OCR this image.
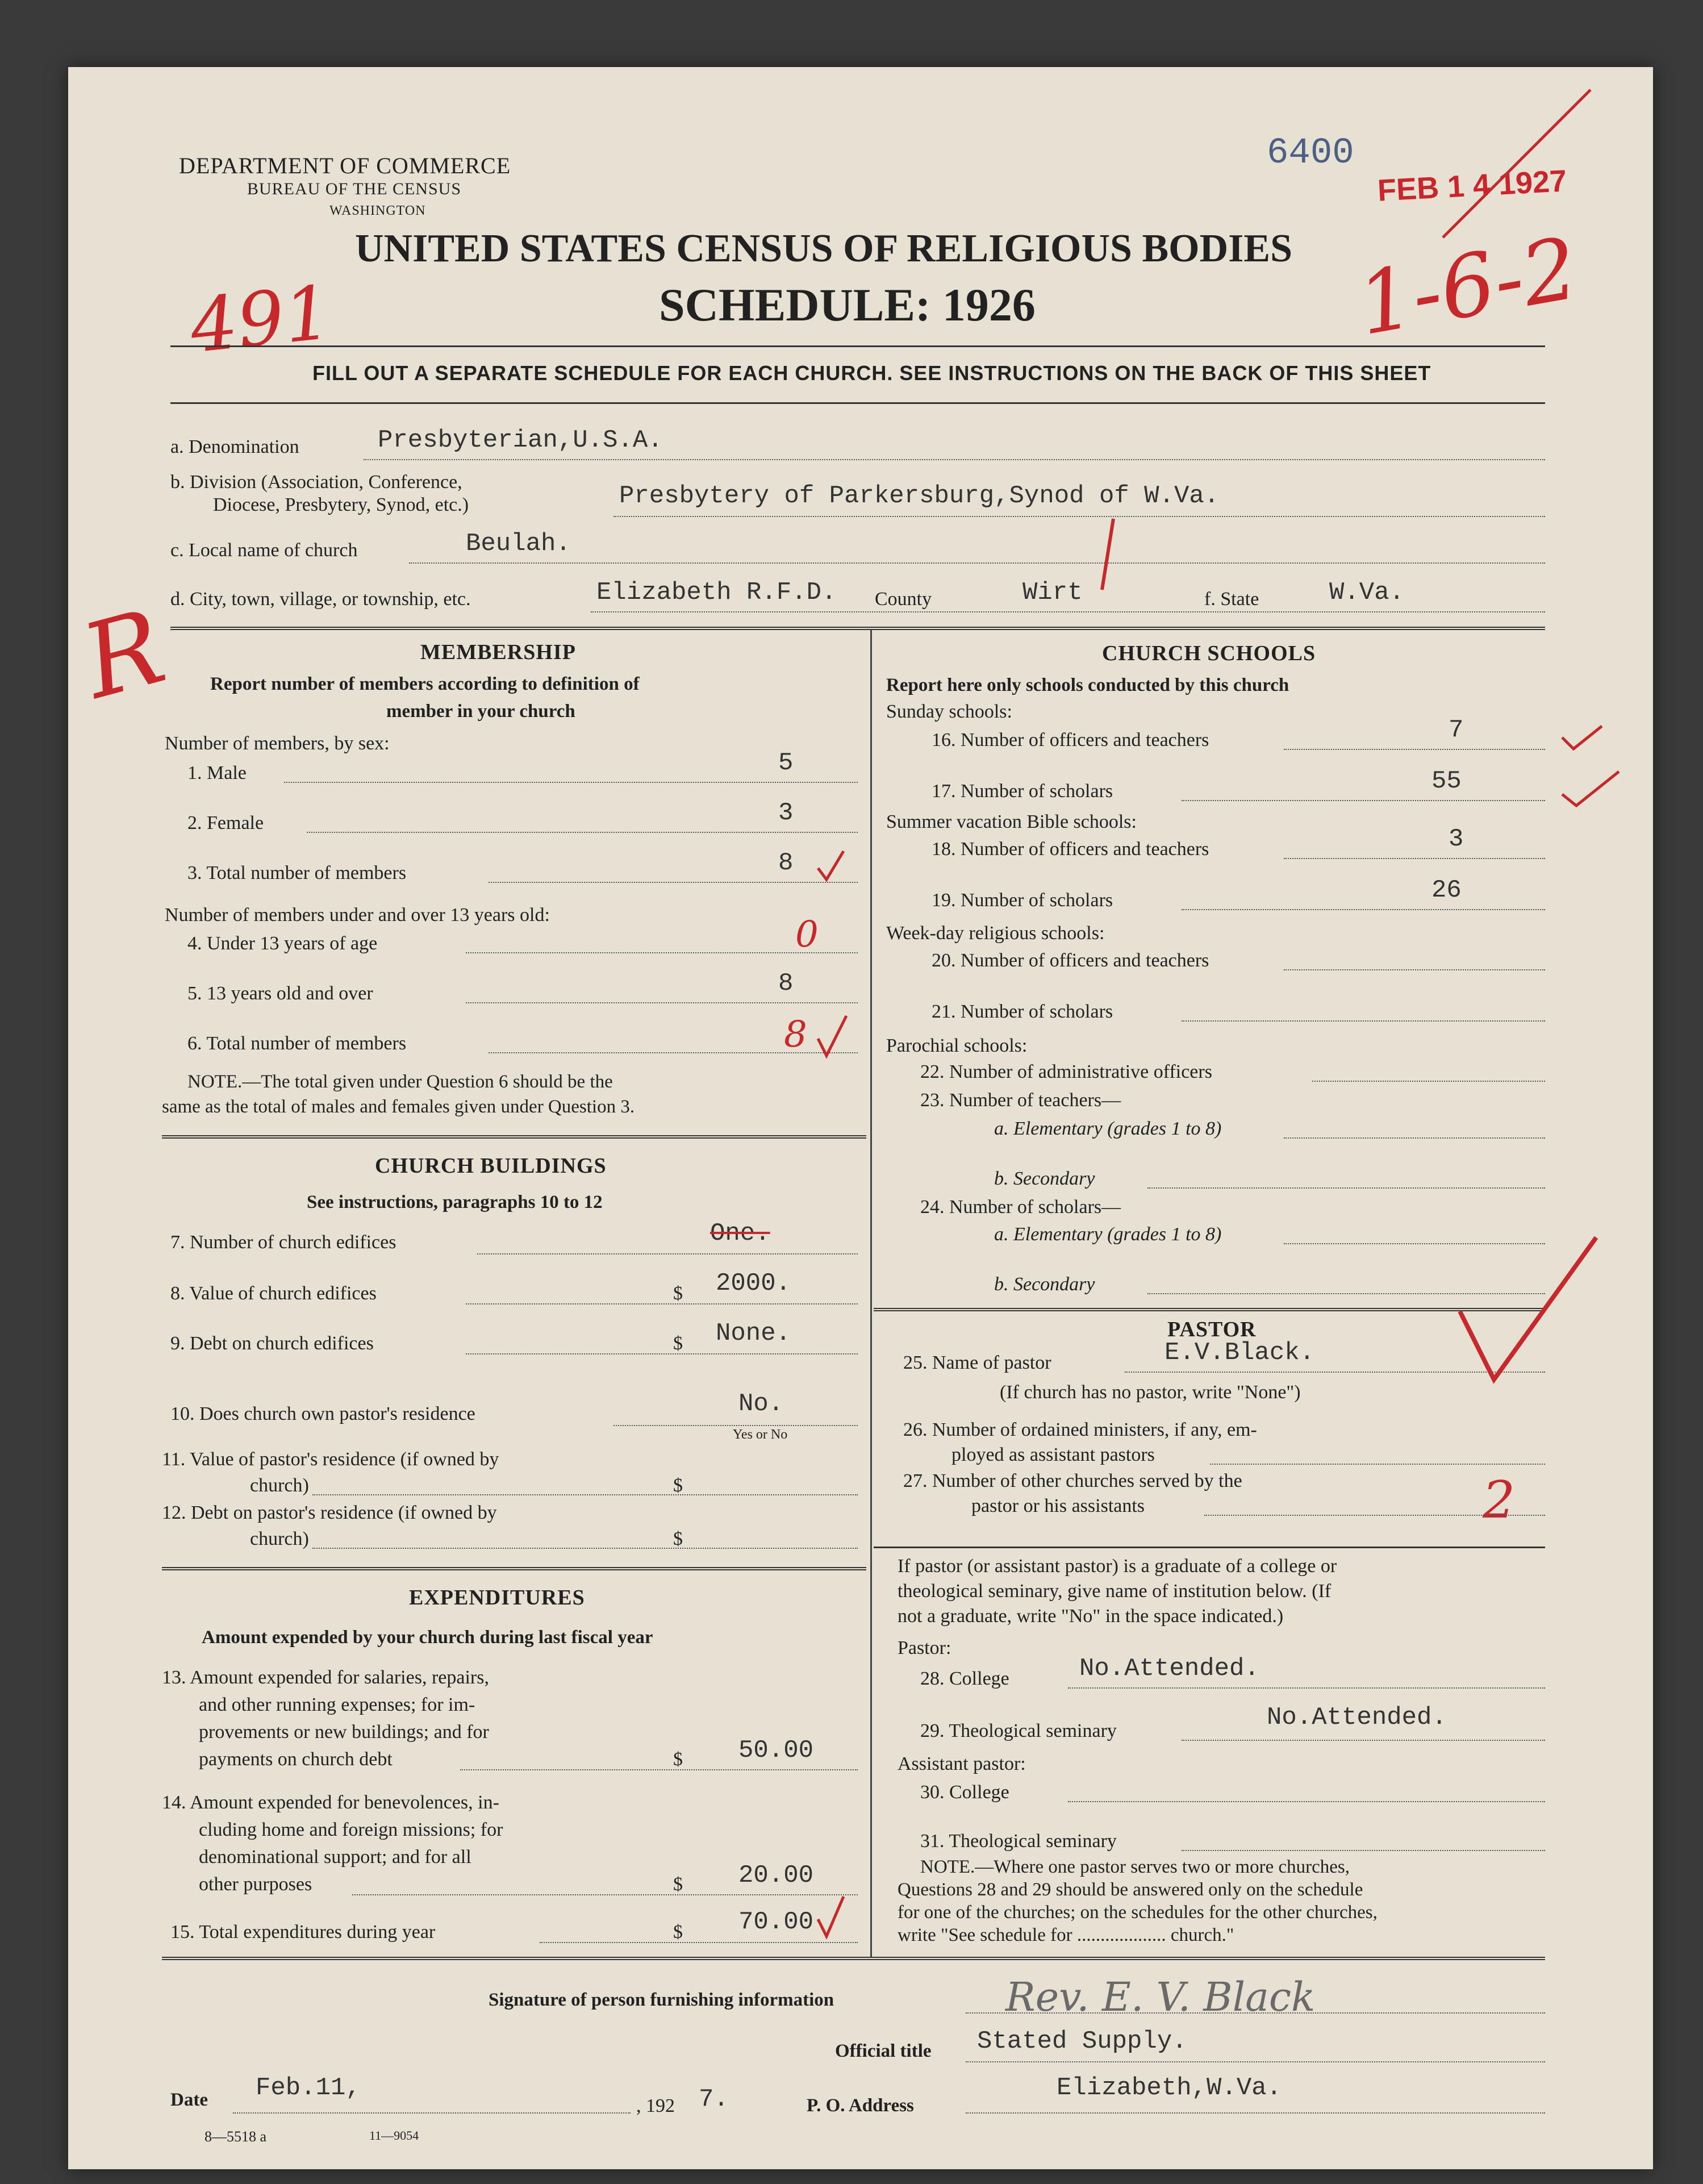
DEPARTMENT OF COMMERCE
BUREAU OF THE CENSUS
WASHINGTON
6400
FEB 1 4 1927
UNITED STATES CENSUS OF RELIGIOUS BODIES
SCHEDULE: 1926
491	1-6-2
R
FILL OUT A SEPARATE SCHEDULE FOR EACH CHURCH. SEE INSTRUCTIONS ON THE BACK OF THIS SHEET
a. Denomination	Presbyterian,U.S.A.
b. Division (Association, Conference,
Diocese, Presbytery, Synod, etc.)	Presbytery of Parkersburg,Synod of W.Va.
c. Local name of church	Beulah.
d. City, town, village, or township, etc.	Elizabeth R.F.D. County	Wirt	f. State	W.Va.
MEMBERSHIP
Report number of members according to definition of
member in your church
Number of members, by sex:
1. Male	5
2. Female	3
3. Total number of members	8
Number of members under and over 13 years old:
4. Under 13 years of age	0
5. 13 years old and over	8
6. Total number of members	8
NOTE.—The total given under Question 6 should be the
same as the total of males and females given under Question 3.
CHURCH BUILDINGS
See instructions, paragraphs 10 to 12
7. Number of church edifices	One.
8. Value of church edifices	$ 2000.
9. Debt on church edifices	$ None.
10. Does church own pastor's residence	No.
Yes or No
11. Value of pastor's residence (if owned by
church)	$
12. Debt on pastor's residence (if owned by
church)	$
EXPENDITURES
Amount expended by your church during last fiscal year
13. Amount expended for salaries, repairs,
and other running expenses; for im-
provements or new buildings; and for
payments on church debt	$ 50.00
14. Amount expended for benevolences, in-
cluding home and foreign missions; for
denominational support; and for all
other purposes	$ 20.00
15. Total expenditures during year	$ 70.00
CHURCH SCHOOLS
Report here only schools conducted by this church
Sunday schools:
16. Number of officers and teachers	7
17. Number of scholars	55
Summer vacation Bible schools:
18. Number of officers and teachers	3
19. Number of scholars	26
Week-day religious schools:
20. Number of officers and teachers
21. Number of scholars
Parochial schools:
22. Number of administrative officers
23. Number of teachers—
a. Elementary (grades 1 to 8)
b. Secondary
24. Number of scholars—
a. Elementary (grades 1 to 8)
b. Secondary
PASTOR
25. Name of pastor	E.V.Black.
(If church has no pastor, write "None")
26. Number of ordained ministers, if any, em-
ployed as assistant pastors
27. Number of other churches served by the
pastor or his assistants	2
If pastor (or assistant pastor) is a graduate of a college or
theological seminary, give name of institution below. (If
not a graduate, write "No" in the space indicated.)
Pastor:
28. College	No.Attended.
29. Theological seminary	No.Attended.
Assistant pastor:
30. College
31. Theological seminary
NOTE.—Where one pastor serves two or more churches,
Questions 28 and 29 should be answered only on the schedule
for one of the churches; on the schedules for the other churches,
write "See schedule for ................... church."
Signature of person furnishing information	Rev. E. V. Black
Official title Stated Supply.
Date Feb.11,
, 192 7.	P. O. Address
Elizabeth,W.Va.
8—5518 a	11—9054
